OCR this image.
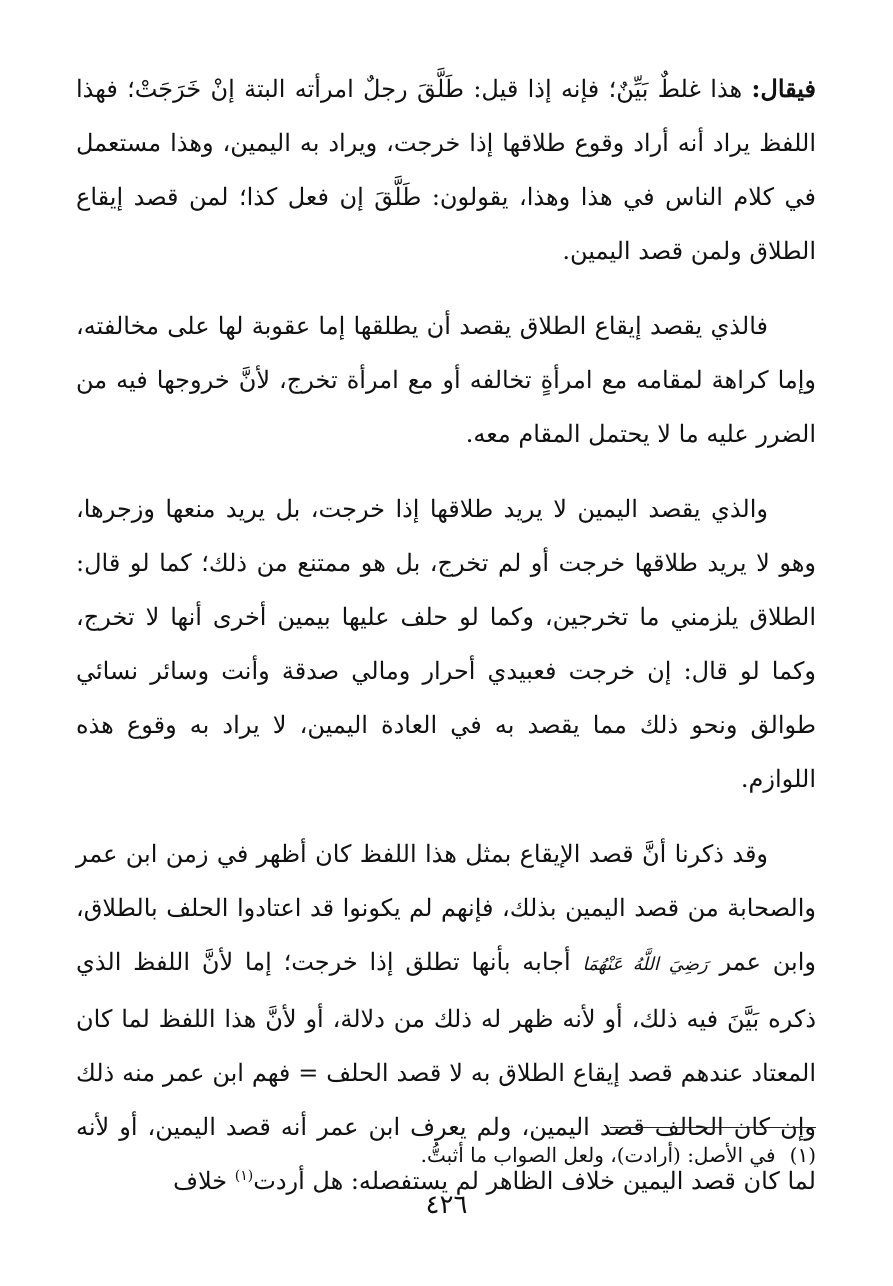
فيقال: هذا غلطٌ بَيِّنٌ؛ فإنه إذا قيل: طَلَّقَ رجلٌ امرأته البتة إنْ خَرَجَتْ؛ فهذا اللفظ يراد أنه أراد وقوع طلاقها إذا خرجت، ويراد به اليمين، وهذا مستعمل في كلام الناس في هذا وهذا، يقولون: طَلَّقَ إن فعل كذا؛ لمن قصد إيقاع الطلاق ولمن قصد اليمين.

فالذي يقصد إيقاع الطلاق يقصد أن يطلقها إما عقوبة لها على مخالفته، وإما كراهة لمقامه مع امرأةٍ تخالفه أو مع امرأة تخرج، لأنَّ خروجها فيه من الضرر عليه ما لا يحتمل المقام معه.

والذي يقصد اليمين لا يريد طلاقها إذا خرجت، بل يريد منعها وزجرها، وهو لا يريد طلاقها خرجت أو لم تخرج، بل هو ممتنع من ذلك؛ كما لو قال: الطلاق يلزمني ما تخرجين، وكما لو حلف عليها بيمين أخرى أنها لا تخرج، وكما لو قال: إن خرجت فعبيدي أحرار ومالي صدقة وأنت وسائر نسائي طوالق ونحو ذلك مما يقصد به في العادة اليمين، لا يراد به وقوع هذه اللوازم.

وقد ذكرنا أنَّ قصد الإيقاع بمثل هذا اللفظ كان أظهر في زمن ابن عمر والصحابة من قصد اليمين بذلك، فإنهم لم يكونوا قد اعتادوا الحلف بالطلاق، وابن عمر رَضِيَ اللَّهُ عَنْهُمَا أجابه بأنها تطلق إذا خرجت؛ إما لأنَّ اللفظ الذي ذكره بَيَّنَ فيه ذلك، أو لأنه ظهر له ذلك من دلالة، أو لأنَّ هذا اللفظ لما كان المعتاد عندهم قصد إيقاع الطلاق به لا قصد الحلف = فهم ابن عمر منه ذلك وإن كان الحالف قصد اليمين، ولم يعرف ابن عمر أنه قصد اليمين، أو لأنه لما كان قصد اليمين خلاف الظاهر لم يستفصله: هل أردت$^{(١)}$ خلاف

(١)في الأصل: (أرادت)، ولعل الصواب ما أثبتُّ.
٤٢٦
